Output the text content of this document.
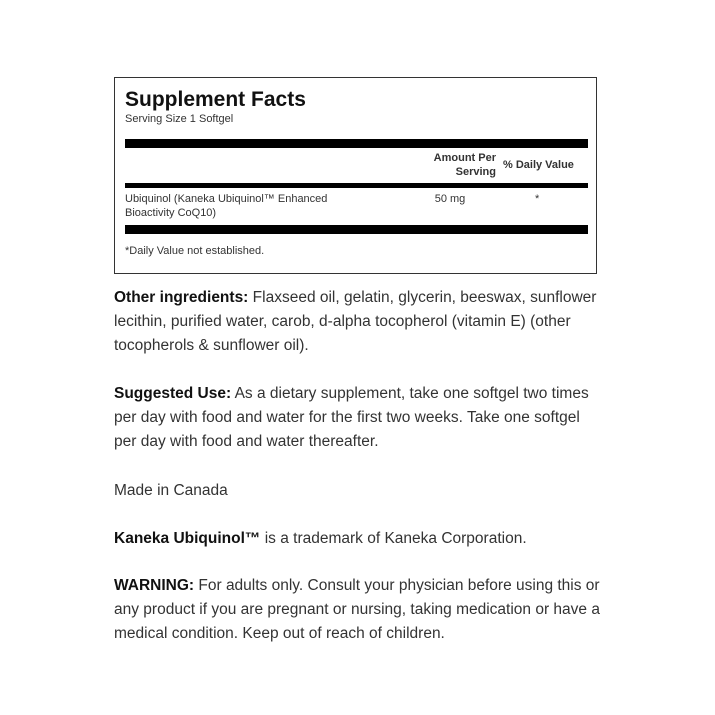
Supplement Facts
Serving Size 1 Softgel
Amount Per Serving
% Daily Value
Ubiquinol (Kaneka Ubiquinol™ Enhanced Bioactivity CoQ10)
50 mg	*
*Daily Value not established.
Other ingredients: Flaxseed oil, gelatin, glycerin, beeswax, sunflower lecithin, purified water, carob, d-alpha tocopherol (vitamin E) (other tocopherols & sunflower oil).
Suggested Use: As a dietary supplement, take one softgel two times per day with food and water for the first two weeks. Take one softgel per day with food and water thereafter.
Made in Canada
Kaneka Ubiquinol™ is a trademark of Kaneka Corporation.
WARNING: For adults only. Consult your physician before using this or any product if you are pregnant or nursing, taking medication or have a medical condition. Keep out of reach of children.
